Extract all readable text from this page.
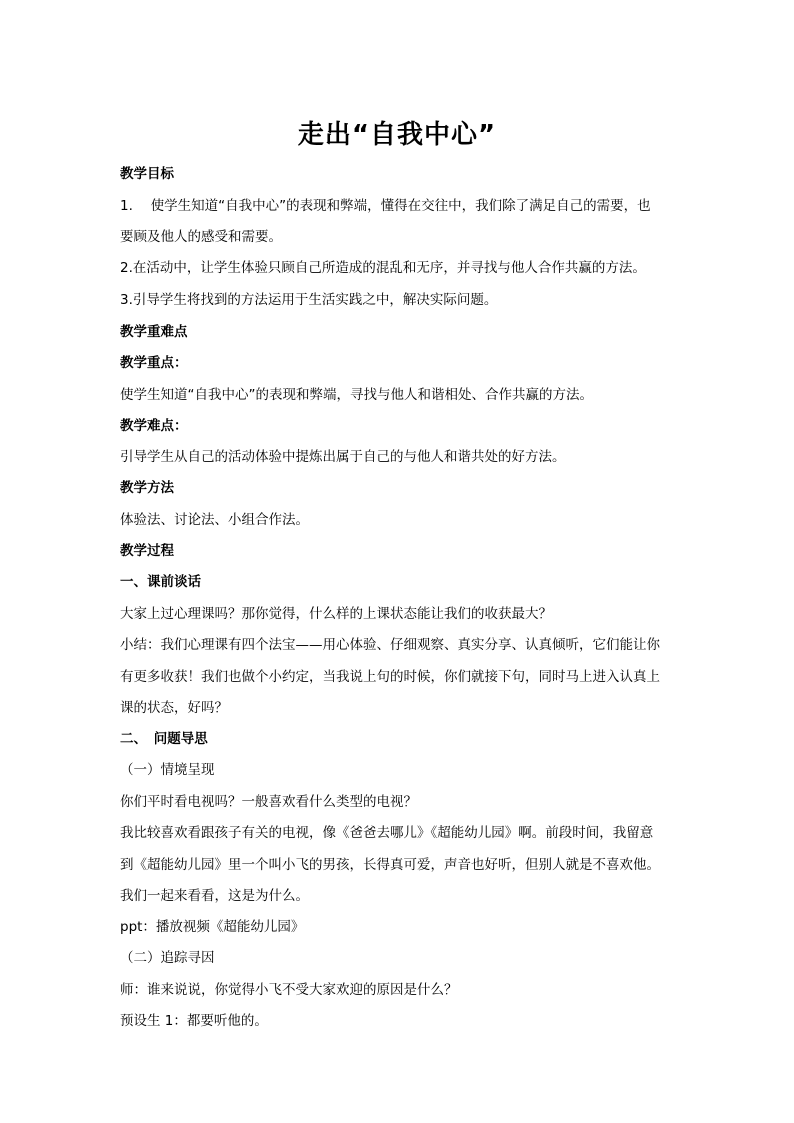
走出“自我中心”
教学目标
1.　 使学生知道“自我中心”的表现和弊端，懂得在交往中，我们除了满足自己的需要，也
要顾及他人的感受和需要。
2.在活动中，让学生体验只顾自己所造成的混乱和无序，并寻找与他人合作共赢的方法。
3.引导学生将找到的方法运用于生活实践之中，解决实际问题。
教学重难点
教学重点：
使学生知道“自我中心”的表现和弊端，寻找与他人和谐相处、合作共赢的方法。
教学难点：
引导学生从自己的活动体验中提炼出属于自己的与他人和谐共处的好方法。
教学方法
体验法、讨论法、小组合作法。
教学过程
一、课前谈话
大家上过心理课吗？那你觉得，什么样的上课状态能让我们的收获最大？
小结：我们心理课有四个法宝——用心体验、仔细观察、真实分享、认真倾听，它们能让你
有更多收获！我们也做个小约定，当我说上句的时候，你们就接下句，同时马上进入认真上
课的状态，好吗？
二、　问题导思
（一）情境呈现
你们平时看电视吗？一般喜欢看什么类型的电视？
我比较喜欢看跟孩子有关的电视，像《爸爸去哪儿》《超能幼儿园》啊。前段时间，我留意
到《超能幼儿园》里一个叫小飞的男孩，长得真可爱，声音也好听，但别人就是不喜欢他。
我们一起来看看，这是为什么。
ppt：播放视频《超能幼儿园》
（二）追踪寻因
师：谁来说说，你觉得小飞不受大家欢迎的原因是什么？
预设生 1：都要听他的。
